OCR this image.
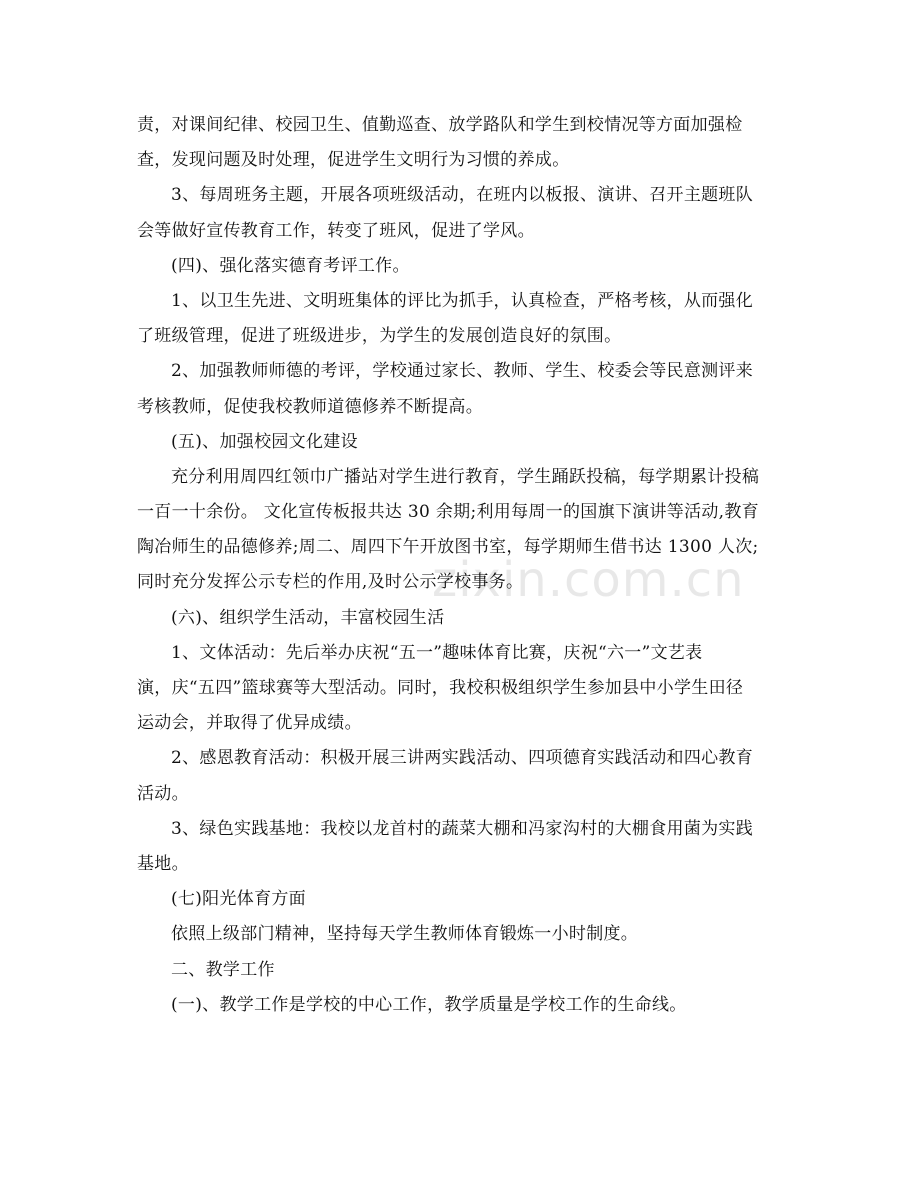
责，对课间纪律、校园卫生、值勤巡查、放学路队和学生到校情况等方面加强检
查，发现问题及时处理，促进学生文明行为习惯的养成。
3、每周班务主题，开展各项班级活动，在班内以板报、演讲、召开主题班队
会等做好宣传教育工作，转变了班风，促进了学风。
(四)、强化落实德育考评工作。
1、以卫生先进、文明班集体的评比为抓手，认真检查，严格考核，从而强化
了班级管理，促进了班级进步，为学生的发展创造良好的氛围。
2、加强教师师德的考评，学校通过家长、教师、学生、校委会等民意测评来
考核教师，促使我校教师道德修养不断提高。
(五)、加强校园文化建设
充分利用周四红领巾广播站对学生进行教育，学生踊跃投稿，每学期累计投稿
一百一十余份。 文化宣传板报共达 30 余期;利用每周一的国旗下演讲等活动,教育
陶冶师生的品德修养;周二、周四下午开放图书室，每学期师生借书达 1300 人次;
同时充分发挥公示专栏的作用,及时公示学校事务。
(六)、组织学生活动，丰富校园生活
1、文体活动：先后举办庆祝“五一”趣味体育比赛，庆祝“六一”文艺表
演，庆“五四”篮球赛等大型活动。同时，我校积极组织学生参加县中小学生田径
运动会，并取得了优异成绩。
2、感恩教育活动：积极开展三讲两实践活动、四项德育实践活动和四心教育
活动。
3、绿色实践基地：我校以龙首村的蔬菜大棚和冯家沟村的大棚食用菌为实践
基地。
(七)阳光体育方面
依照上级部门精神，坚持每天学生教师体育锻炼一小时制度。
二、教学工作
(一)、教学工作是学校的中心工作，教学质量是学校工作的生命线。
zixin.com.cn
